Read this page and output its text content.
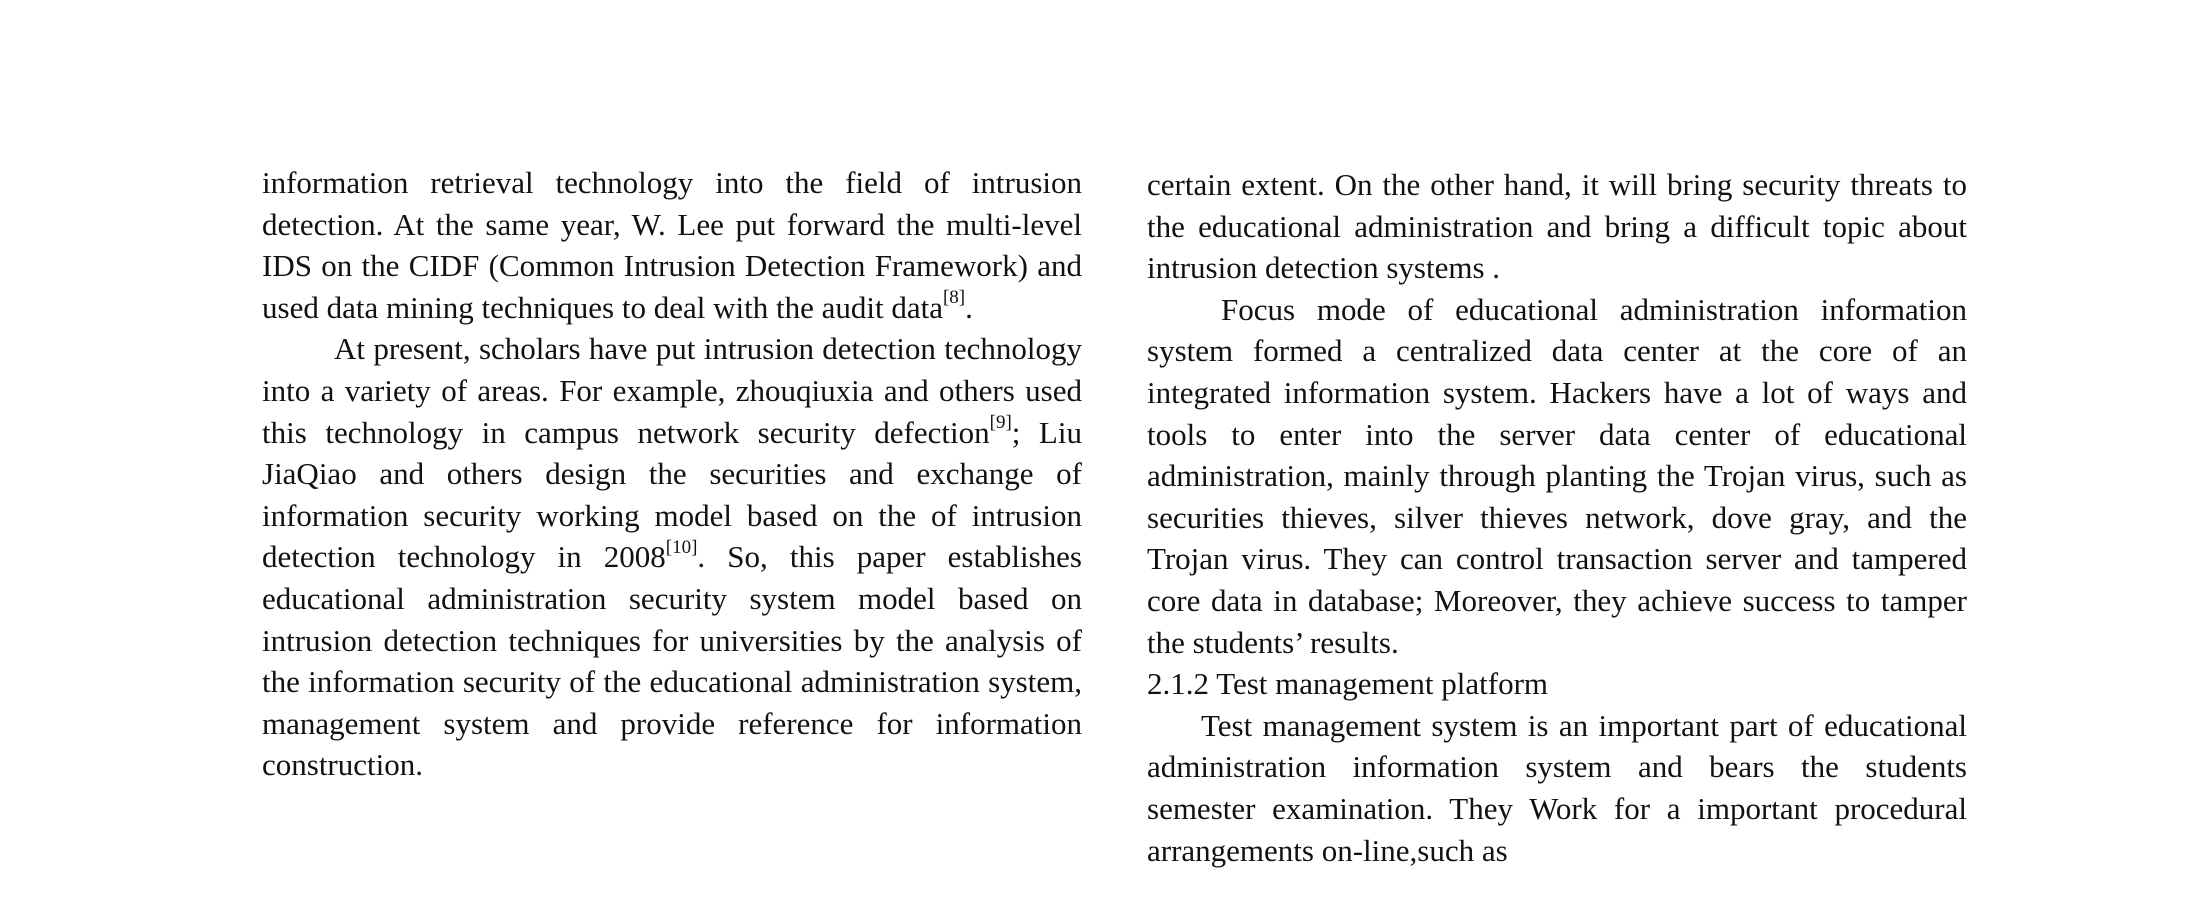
information retrieval technology into the field of intrusion detection. At the same year, W. Lee put forward the multi-level IDS on the CIDF (Common Intrusion Detection Framework) and used data mining techniques to deal with the audit data[8].

At present, scholars have put intrusion detection technology into a variety of areas. For example, zhouqiuxia and others used this technology in campus network security defection[9]; Liu JiaQiao and others design the securities and exchange of information security working model based on the of intrusion detection technology in 2008[10]. So, this paper establishes educational administration security system model based on intrusion detection techniques for universities by the analysis of the information security of the educational administration system, management system and provide reference for information construction.

certain extent. On the other hand, it will bring security threats to the educational administration and bring a difficult topic about intrusion detection systems .

Focus mode of educational administration information system formed a centralized data center at the core of an integrated information system. Hackers have a lot of ways and tools to enter into the server data center of educational administration, mainly through planting the Trojan virus, such as securities thieves, silver thieves network, dove gray, and the Trojan virus. They can control transaction server and tampered core data in database; Moreover, they achieve success to tamper the students’ results.

2.1.2 Test management platform

Test management system is an important part of educational administration information system and bears the students semester examination. They Work for a important procedural arrangements on-line,such as
